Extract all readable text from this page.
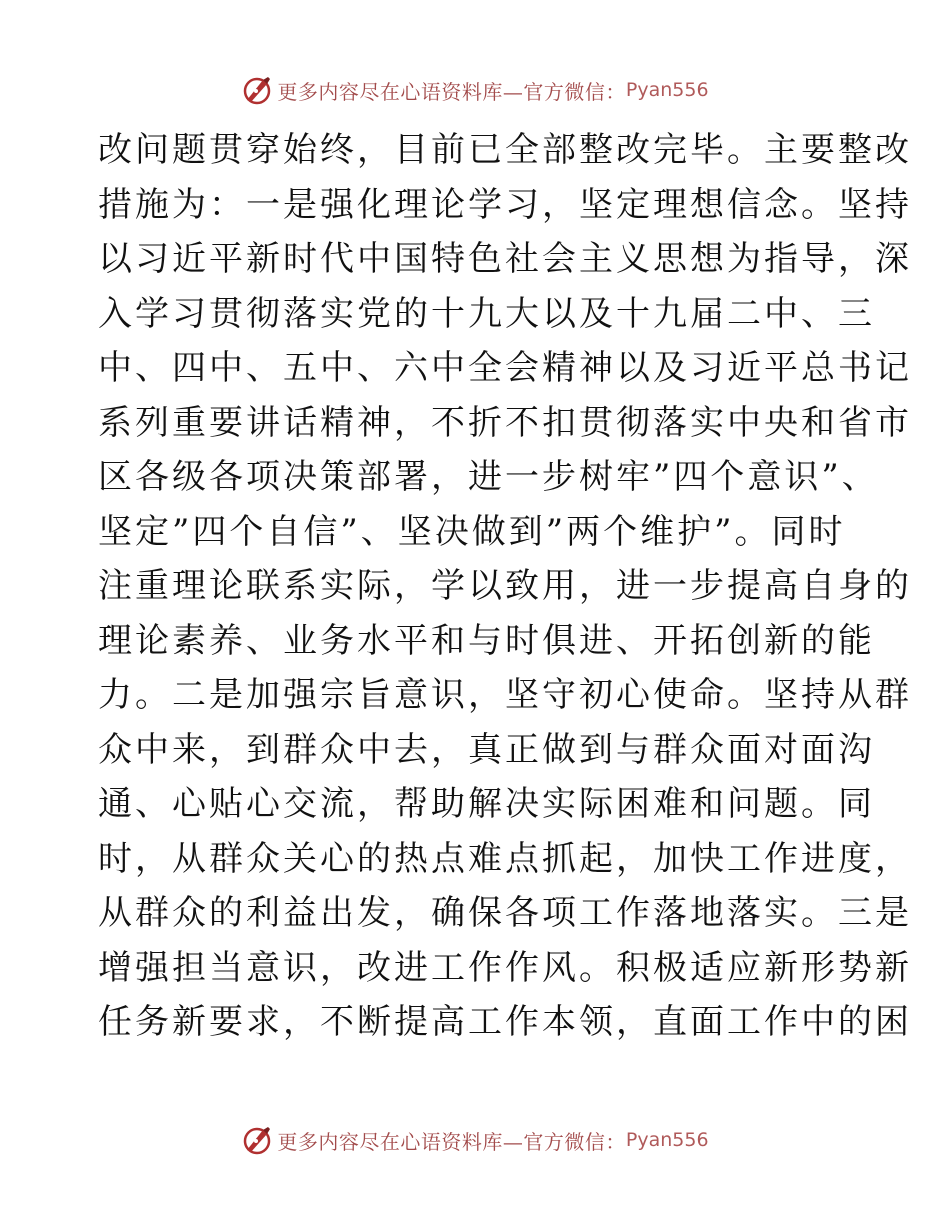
更多内容尽在心语资料库—官方微信： Pyan556
改问题贯穿始终，目前已全部整改完毕。主要整改
措施为：一是强化理论学习，坚定理想信念。坚持
以习近平新时代中国特色社会主义思想为指导，深
入学习贯彻落实党的十九大以及十九届二中、三
中、四中、五中、六中全会精神以及习近平总书记
系列重要讲话精神，不折不扣贯彻落实中央和省市
区各级各项决策部署，进一步树牢”四个意识”、
坚定”四个自信”、坚决做到”两个维护”。同时
注重理论联系实际，学以致用，进一步提高自身的
理论素养、业务水平和与时俱进、开拓创新的能
力。二是加强宗旨意识，坚守初心使命。坚持从群
众中来，到群众中去，真正做到与群众面对面沟
通、心贴心交流，帮助解决实际困难和问题。同
时，从群众关心的热点难点抓起，加快工作进度，
从群众的利益出发，确保各项工作落地落实。三是
增强担当意识，改进工作作风。积极适应新形势新
任务新要求，不断提高工作本领，直面工作中的困
更多内容尽在心语资料库—官方微信： Pyan556
